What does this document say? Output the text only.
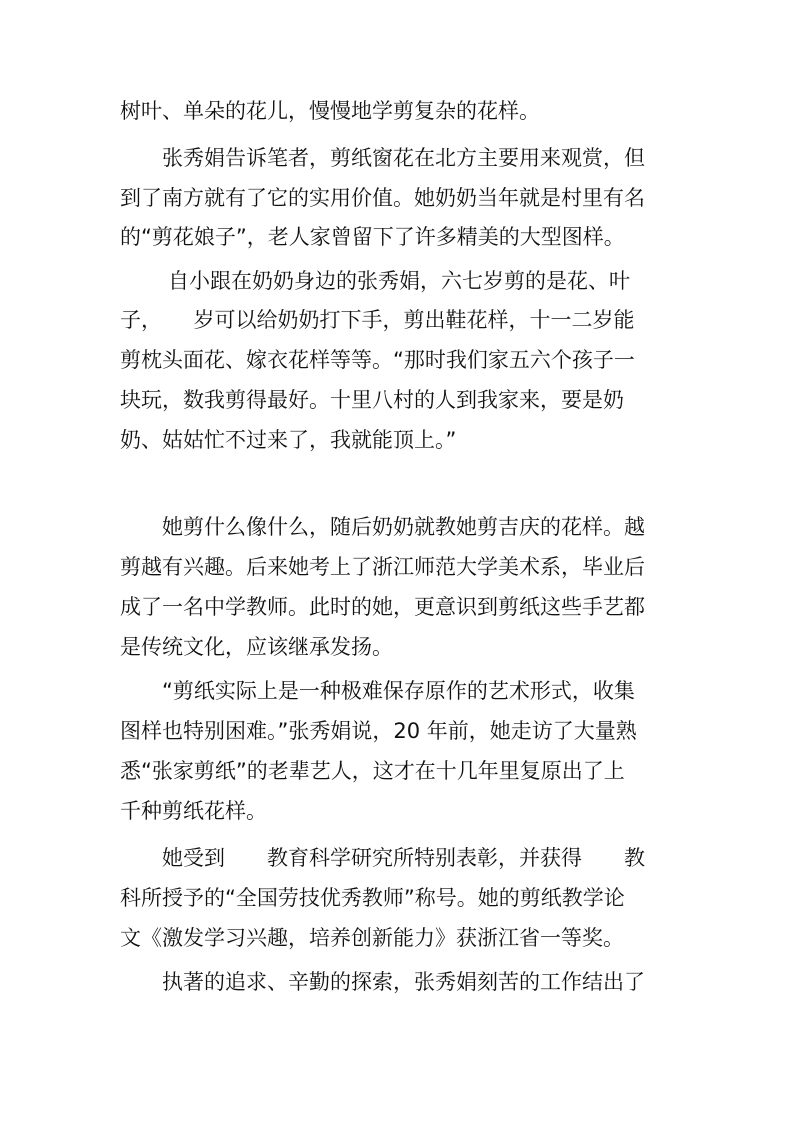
树叶、单朵的花儿，慢慢地学剪复杂的花样。
张秀娟告诉笔者，剪纸窗花在北方主要用来观赏，但
到了南方就有了它的实用价值。她奶奶当年就是村里有名
的“剪花娘子”，老人家曾留下了许多精美的大型图样。
自小跟在奶奶身边的张秀娟，六七岁剪的是花、叶
子，　　岁可以给奶奶打下手，剪出鞋花样，十一二岁能
剪枕头面花、嫁衣花样等等。“那时我们家五六个孩子一
块玩，数我剪得最好。十里八村的人到我家来，要是奶
奶、姑姑忙不过来了，我就能顶上。”
她剪什么像什么，随后奶奶就教她剪吉庆的花样。越
剪越有兴趣。后来她考上了浙江师范大学美术系，毕业后
成了一名中学教师。此时的她，更意识到剪纸这些手艺都
是传统文化，应该继承发扬。
“剪纸实际上是一种极难保存原作的艺术形式，收集
图样也特别困难。”张秀娟说，20 年前，她走访了大量熟
悉“张家剪纸”的老辈艺人，这才在十几年里复原出了上
千种剪纸花样。
她受到　　教育科学研究所特别表彰，并获得　　教
科所授予的“全国劳技优秀教师”称号。她的剪纸教学论
文《激发学习兴趣，培养创新能力》获浙江省一等奖。
执著的追求、辛勤的探索，张秀娟刻苦的工作结出了
